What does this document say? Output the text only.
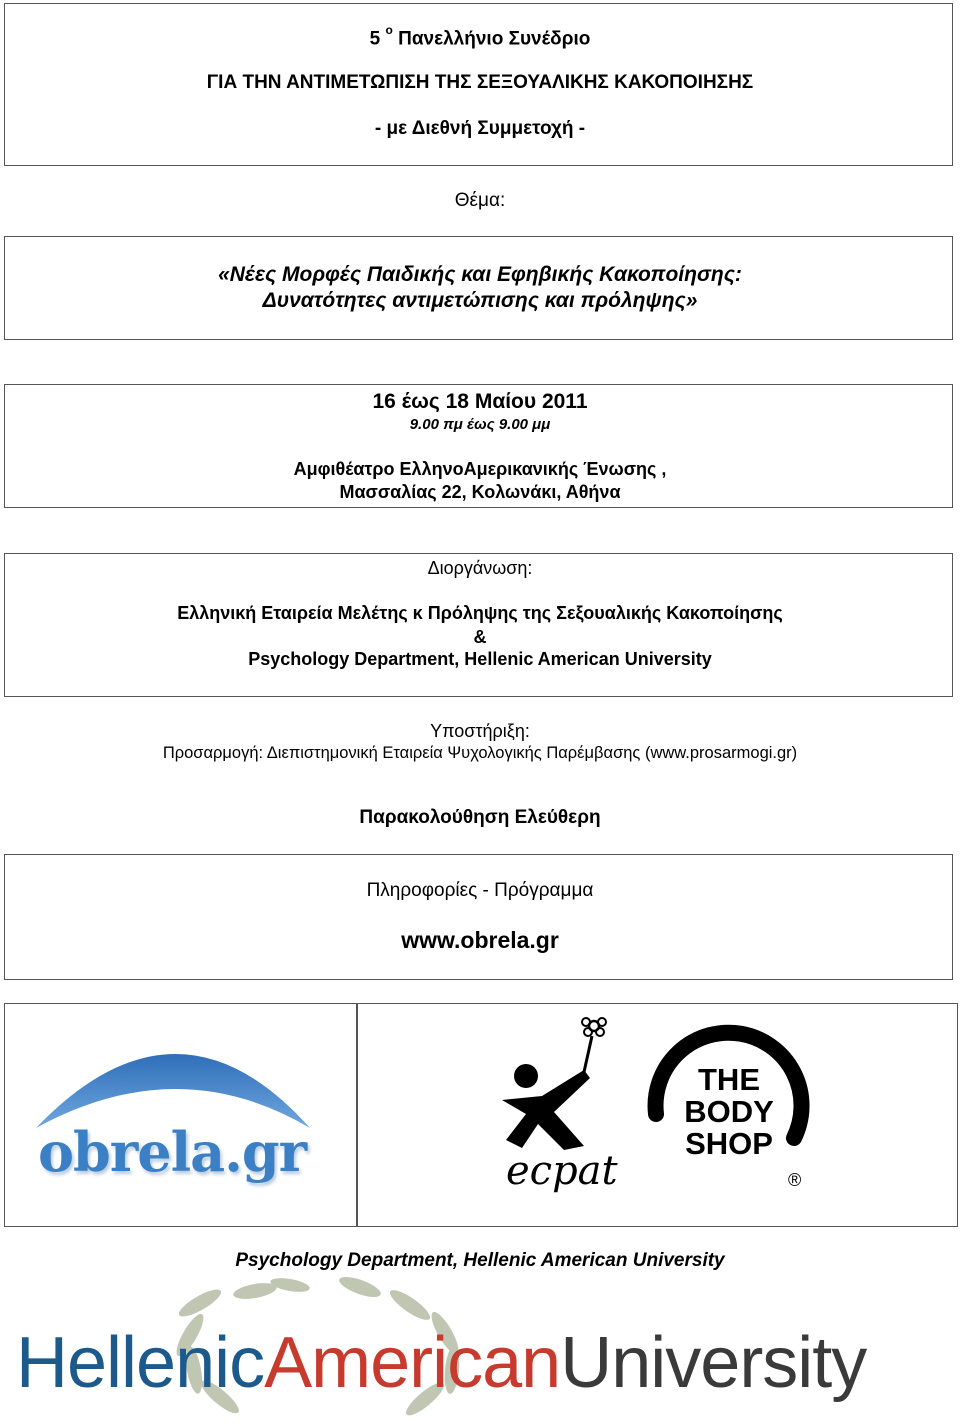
5 $^o$ Πανελλήνιο Συνέδριο
ΓΙΑ ΤΗΝ ΑΝΤΙΜΕΤΩΠΙΣΗ ΤΗΣ ΣΕΞΟΥΑΛΙΚΗΣ ΚΑΚΟΠΟΙΗΣΗΣ
- με Διεθνή Συμμετοχή -
Θέμα:
«Νέες Μορφές Παιδικής και Εφηβικής Κακοποίησης:
Δυνατότητες αντιμετώπισης και πρόληψης»
16 έως 18 Μαίου 2011
9.00 πμ έως 9.00 μμ
Αμφιθέατρο ΕλληνοΑμερικανικής Ένωσης ,
Μασσαλίας 22, Κολωνάκι, Αθήνα
Διοργάνωση:
Ελληνική Εταιρεία Μελέτης κ Πρόληψης της Σεξουαλικής Κακοποίησης
&
Psychology Department, Hellenic American University
Υποστήριξη:
Προσαρμογή: Διεπιστημονική Εταιρεία Ψυχολογικής Παρέμβασης (www.prosarmogi.gr)
Παρακολούθηση Ελεύθερη
Πληροφορίες - Πρόγραμμα
www.obrela.gr
obrela.gr	ecpat
THE
BODY
SHOP
®
Psychology Department, Hellenic American University
HellenicAmericanUniversity
